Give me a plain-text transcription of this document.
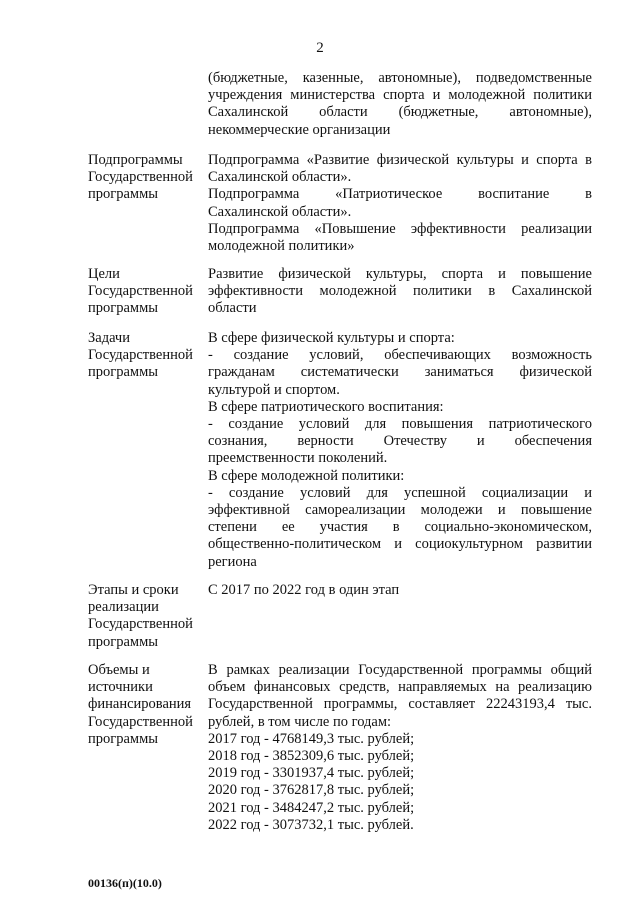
2
(бюджетные, казенные, автономные), подведомственные
учреждения министерства спорта и молодежной политики
Сахалинской области (бюджетные, автономные),
некоммерческие организации
Подпрограммы Государственной программы
Подпрограмма «Развитие физической культуры и спорта в
Сахалинской области».
Подпрограмма «Патриотическое воспитание в
Сахалинской области».
Подпрограмма «Повышение эффективности реализации
молодежной политики»
Цели Государственной программы
Развитие физической культуры, спорта и повышение
эффективности молодежной политики в Сахалинской
области
Задачи Государственной программы
В сфере физической культуры и спорта:
- создание условий, обеспечивающих возможность
гражданам систематически заниматься физической
культурой и спортом.
В сфере патриотического воспитания:
- создание условий для повышения патриотического
сознания, верности Отечеству и обеспечения
преемственности поколений.
В сфере молодежной политики:
- создание условий для успешной социализации и
эффективной самореализации молодежи и повышение
степени ее участия в социально-экономическом,
общественно-политическом и социокультурном развитии
региона
Этапы и сроки реализации Государственной программы
С 2017 по 2022 год в один этап
Объемы и источники финансирования Государственной программы
В рамках реализации Государственной программы общий
объем финансовых средств, направляемых на реализацию
Государственной программы, составляет 22243193,4 тыс.
рублей, в том числе по годам:
2017 год - 4768149,3 тыс. рублей;
2018 год - 3852309,6 тыс. рублей;
2019 год - 3301937,4 тыс. рублей;
2020 год - 3762817,8 тыс. рублей;
2021 год - 3484247,2 тыс. рублей;
2022 год - 3073732,1 тыс. рублей.
00136(п)(10.0)
